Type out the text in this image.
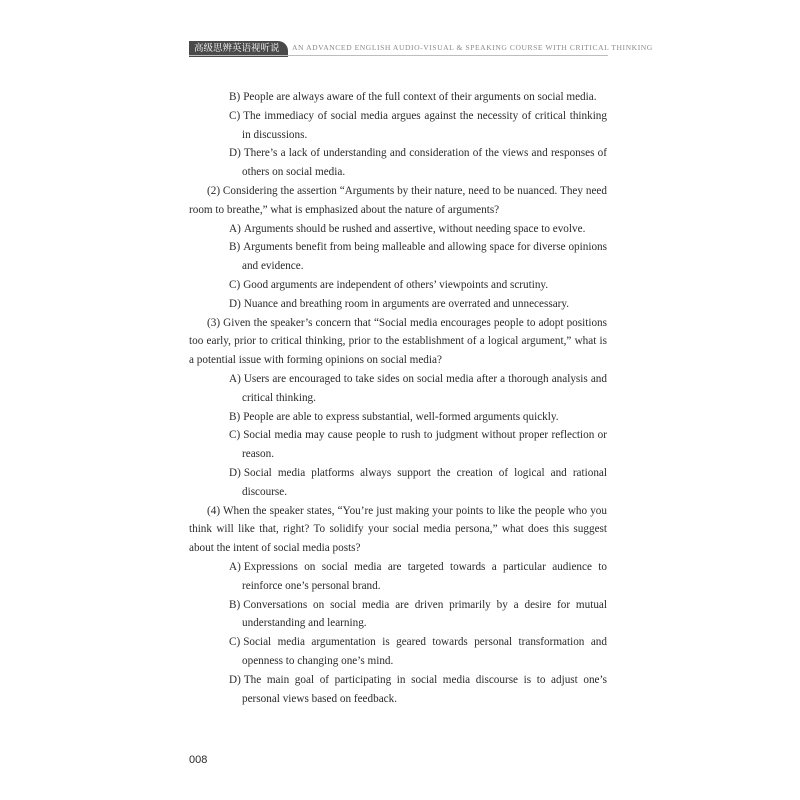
高级思辨英语视听说	AN ADVANCED ENGLISH AUDIO-VISUAL & SPEAKING COURSE WITH CRITICAL THINKING

B) People are always aware of the full context of their arguments on social media.

C) The immediacy of social media argues against the necessity of critical thinking in discussions.

D) There’s a lack of understanding and consideration of the views and responses of others on social media.

(2) Considering the assertion “Arguments by their nature, need to be nuanced. They need room to breathe,” what is emphasized about the nature of arguments?

A) Arguments should be rushed and assertive, without needing space to evolve.

B) Arguments benefit from being malleable and allowing space for diverse opinions and evidence.

C) Good arguments are independent of others’ viewpoints and scrutiny.

D) Nuance and breathing room in arguments are overrated and unnecessary.

(3) Given the speaker’s concern that “Social media encourages people to adopt positions too early, prior to critical thinking, prior to the establishment of a logical argument,” what is a potential issue with forming opinions on social media?

A) Users are encouraged to take sides on social media after a thorough analysis and critical thinking.

B) People are able to express substantial, well-formed arguments quickly.

C) Social media may cause people to rush to judgment without proper reflection or reason.

D) Social media platforms always support the creation of logical and rational discourse.

(4) When the speaker states, “You’re just making your points to like the people who you think will like that, right? To solidify your social media persona,” what does this suggest about the intent of social media posts?

A) Expressions on social media are targeted towards a particular audience to reinforce one’s personal brand.

B) Conversations on social media are driven primarily by a desire for mutual understanding and learning.

C) Social media argumentation is geared towards personal transformation and openness to changing one’s mind.

D) The main goal of participating in social media discourse is to adjust one’s personal views based on feedback.

008
